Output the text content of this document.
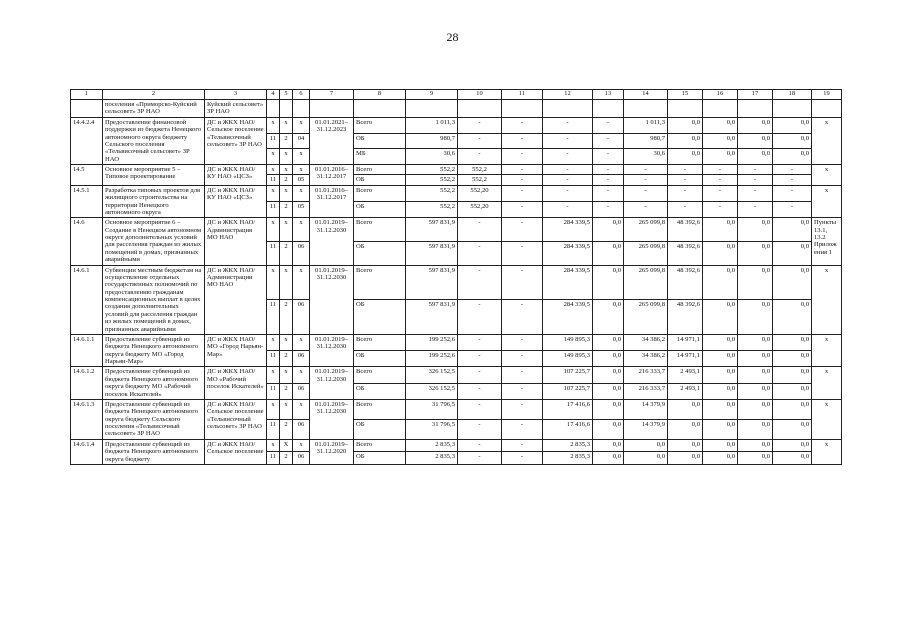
28
1	2	3	4	5	6	7	8	9	10	11	12	13	14	15	16	17	18	19
	поселения «Приморско-Куйский сельсовет» ЗР НАО	Куйский сельсовет» ЗР НАО																
14.4.2.4	Предоставление финансовой поддержки из бюджета Ненецкого автономного округа бюджету Сельского поселения «Тельвисочный сельсовет» ЗР НАО	ДС и ЖКХ НАО/ Сельское поселение «Тельвисочный сельсовет» ЗР НАО	х	х	х	01.01.2021– 31.12.2023	Всего	1 011,3	-	-	-	-	1 011,3	0,0	0,0	0,0	0,0	х
			11	2	04		ОБ	980,7	-	-	-	-	980,7	0,0	0,0	0,0	0,0	
			х	х	х		МБ	30,6	-	-	-	-	30,6	0,0	0,0	0,0	0,0	
14.5	Основное мероприятие 5 – Типовое проектирование	ДС и ЖКХ НАО/ КУ НАО «ЦСЗ»	х	х	х	01.01.2016– 31.12.2017	Всего	552,2	552,2	-	-	-	-	-	-	-	-	х
			11	2	05		ОБ	552,2	552,2	-	-	-	-	-	-	-	-	
14.5.1	Разработка типовых проектов для жилищного строительства на территории Ненецкого автономного округа	ДС и ЖКХ НАО/ КУ НАО «ЦСЗ»	х	х	х	01.01.2016– 31.12.2017	Всего	552,2	552,20	-	-	-	-	-	-	-	-	х
			11	2	05		ОБ	552,2	552,20	-	-	-	-	-	-	-	-	
14.6	Основное мероприятие 6 – Создание в Ненецком автономном округе дополнительных условий для расселения граждан из жилых помещений в домах, признанных аварийными	ДС и ЖКХ НАО/ Администрация МО НАО	х	х	х	01.01.2019– 31.12.2030	Всего	597 831,9	-	-	284 339,5	0,0	265 099,8	48 392,6	0,0	0,0	0,0	Пункты 13.1, 13.2 Приложения 1
			11	2	06		ОБ	597 831,9	-	-	284 339,5	0,0	265 099,8	48 392,6	0,0	0,0	0,0	
14.6.1	Субвенции местным бюджетам на осуществление отдельных государственных полномочий по предоставлению гражданам компенсационных выплат в целях создания дополнительных условий для расселения граждан из жилых помещений в домах, признанных аварийными	ДС и ЖКХ НАО/ Администрации МО НАО	х	х	х	01.01.2019– 31.12.2030	Всего	597 831,9	-	-	284 339,5	0,0	265 099,8	48 392,6	0,0	0,0	0,0	х
			11	2	06		ОБ	597 831,9	-	-	284 339,5	0,0	265 099,8	48 392,6	0,0	0,0	0,0	
14.6.1.1	Предоставление субвенций из бюджета Ненецкого автономного округа бюджету МО «Город Нарьян-Мар»	ДС и ЖКХ НАО/ МО «Город Нарьян-Мар»	х	х	х	01.01.2019– 31.12.2030	Всего	199 252,6	-	-	149 895,3	0,0	34 386,2	14 971,1	0,0	0,0	0,0	х
			11	2	06		ОБ	199 252,6	-	-	149 895,3	0,0	34 386,2	14 971,1	0,0	0,0	0,0	
14.6.1.2	Предоставление субвенций из бюджета Ненецкого автономного округа бюджету МО «Рабочий поселок Искателей»	ДС и ЖКХ НАО/ МО «Рабочий поселок Искателей»	х	х	х	01.01.2019– 31.12.2030	Всего	326 152,5	-	-	107 225,7	0,0	216 333,7	2 493,1	0,0	0,0	0,0	х
			11	2	06		ОБ	326 152,5	-	-	107 225,7	0,0	216 333,7	2 493,1	0,0	0,0	0,0	
14.6.1.3	Предоставление субвенций из бюджета Ненецкого автономного округа бюджету Сельского поселения «Тельвисочный сельсовет» ЗР НАО	ДС и ЖКХ НАО/ Сельское поселение «Тельвисочный сельсовет» ЗР НАО	х	х	х	01.01.2019– 31.12.2030	Всего	31 796,5	-	-	17 416,6	0,0	14 379,9	0,0	0,0	0,0	0,0	х
			11	2	06		ОБ	31 796,5	-	-	17 416,6	0,0	14 379,9	0,0	0,0	0,0	0,0	
14.6.1.4	Предоставление субвенций из бюджета Ненецкого автономного округа бюджету	ДС и ЖКХ НАО/ Сельское поселение	х	Х	х	01.01.2019– 31.12.2020	Всего	2 835,3	-	-	2 835,3	0,0	0,0	0,0	0,0	0,0	0,0	х
			11	2	06		ОБ	2 835,3	-	-	2 835,3	0,0	0,0	0,0	0,0	0,0	0,0	
